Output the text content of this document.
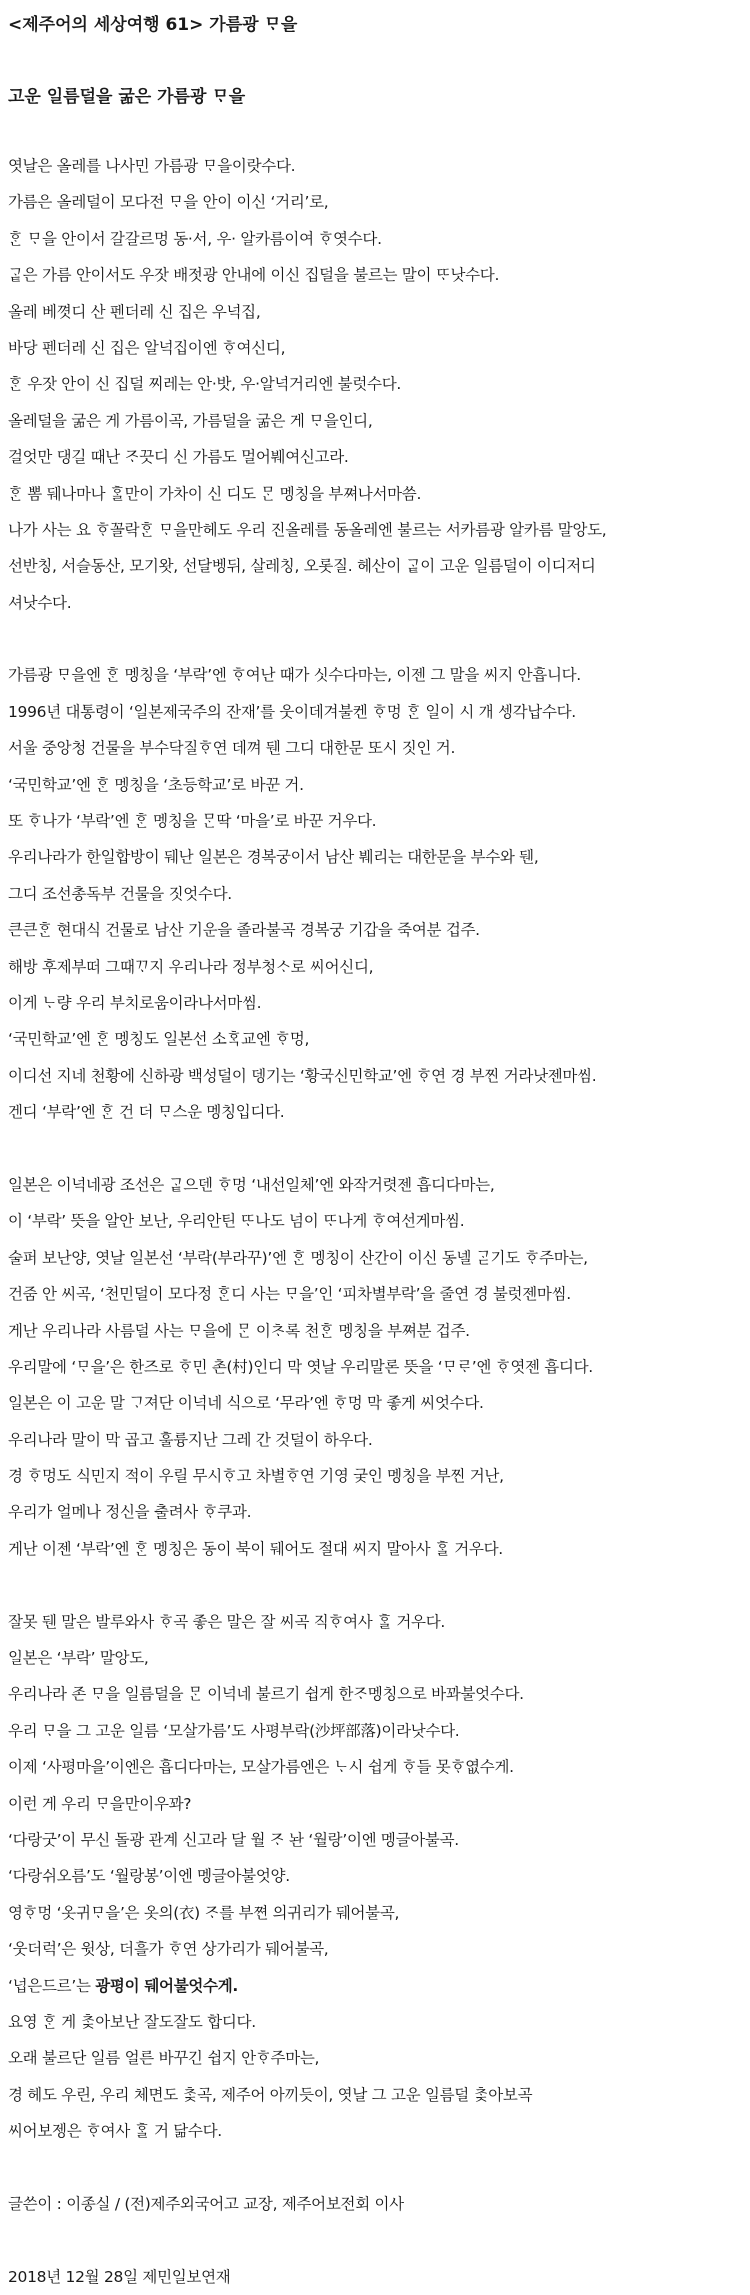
<제주어의 세상여행 61> 가름광 ᄆᆞ을
고운 일름덜을 굶은 가름광 ᄆᆞ을
엿날은 올레를 나사민 가름광 ᄆᆞ을이랏수다.
가름은 올레덜이 모다전 ᄆᆞ을 안이 이신 ‘거리’로,
ᄒᆞᆫ ᄆᆞ을 안이서 갈갈르멍 동·서, 우· 알카름이여 ᄒᆞ엿수다.
ᄀᆞᇀ은 가름 안이서도 우잣 배젓광 안내에 이신 집덜을 불르는 말이 ᄄᆞ낫수다.
올레 베꼇디 산 펜더레 신 집은 우넉집,
바당 펜더레 신 집은 알넉집이엔 ᄒᆞ여신디,
ᄒᆞᆫ 우잣 안이 신 집덜 찌레는 안·밧, 우·알넉거리엔 불럿수다.
올레덜을 굶은 게 가름이곡, 가름덜을 굶은 게 ᄆᆞ을인디,
걸엇만 댕길 때난 ᄌᆞ끗디 신 가름도 멀어붸여신고라.
ᄒᆞᆫ 뽐 뒈나마나 ᄒᆞᆯ만이 가차이 신 디도 ᄆᆞᆫ 멩칭을 부쪄나서마씀.
나가 사는 요 ᄒᆞ꼴락ᄒᆞᆫ ᄆᆞ을만헤도 우리 진올레를 동올레엔 불르는 서카름광 알카름 말앙도,
선반칭, 서슬동산, 모기왓, 선달벵뒤, 살레칭, 오롯질. 헤산이 ᄀᆞᇀ이 고운 일름덜이 이디저디
셔낫수다.
가름광 ᄆᆞ을엔 ᄒᆞᆫ 멩칭을 ‘부락’엔 ᄒᆞ여난 때가 싯수다마는, 이젠 그 말을 씨지 안흡니다.
1996년 대통령이 ‘일본제국주의 잔재’를 웃이데겨불켄 ᄒᆞ멍 ᄒᆞᆫ 일이 시 개 셍각납수다.
서울 중앙청 건물을 부수닥질ᄒᆞ연 데껴 뒌 그디 대한문 또시 짓인 거.
‘국민학교’엔 ᄒᆞᆫ 멩칭을 ‘초등학교’로 바꾼 거.
또 ᄒᆞ나가 ‘부락’엔 ᄒᆞᆫ 멩칭을 ᄆᆞᆫ딱 ‘마을’로 바꾼 거우다.
우리나라가 한일합방이 뒈난 일본은 경복궁이서 남산 붸리는 대한문을 부수와 뒌,
그디 조선총독부 건물을 짓엇수다.
큰큰ᄒᆞᆫ 현대식 건물로 남산 기운을 졸라불곡 경복궁 기갑을 죽여분 겁주.
해방 후제부떠 그때ᄁᆞ지 우리나라 정부청ᄉᆞ로 씨어신디,
이게 ᄂᆞ량 우리 부치로움이라나서마씸.
‘국민학교’엔 ᄒᆞᆫ 멩칭도 일본선 소ᄒᆞᆨ교엔 ᄒᆞ멍,
이디선 지네 천황에 신하광 백성덜이 뎅기는 ‘황국신민학교’엔 ᄒᆞ연 경 부찐 거라낫젠마씸.
겐디 ‘부락’엔 ᄒᆞᆫ 건 더 ᄆᆞ스운 멩칭입디다.
일본은 이넉네광 조선은 ᄀᆞᇀ으덴 ᄒᆞ멍 ‘내선일체’엔 와작거렷젠 흡디다마는,
이 ‘부락’ 뜻을 알안 보난, 우리안틴 ᄄᆞ나도 넘이 ᄄᆞ나게 ᄒᆞ여선게마씸.
술퍼 보난양, 엿날 일본선 ‘부락(부라꾸)’엔 ᄒᆞᆫ 멩칭이 산간이 이신 동넬 ᄀᆞᆮ기도 ᄒᆞ주마는,
건줌 안 씨곡, ‘천민덜이 모다정 ᄒᆞᆫ디 사는 ᄆᆞ을’인 ‘피차별부락’을 줄연 경 불럿젠마씸.
게난 우리나라 사름덜 사는 ᄆᆞ을에 ᄆᆞᆫ 이ᄎᆞ록 천ᄒᆞᆫ 멩칭을 부쪄분 겁주.
우리말에 ‘ᄆᆞ을’은 한즈로 ᄒᆞ민 촌(村)인디 막 엿날 우리말론 뜻을 ‘ᄆᆞᄅᆞ’엔 ᄒᆞ엿젠 흡디다.
일본은 이 고운 말 ᄀᆞ져단 이넉네 식으로 ‘무라’엔 ᄒᆞ멍 막 좋게 씨엇수다.
우리나라 말이 막 곱고 훌륭지난 그레 간 것덜이 하우다.
경 ᄒᆞ멍도 식민지 적이 우릴 무시ᄒᆞ고 차별ᄒᆞ연 기영 궂인 멩칭을 부찐 거난,
우리가 얼메나 정신을 출려사 ᄒᆞ쿠과.
게난 이젠 ‘부락’엔 ᄒᆞᆫ 멩칭은 동이 북이 뒈어도 절대 씨지 말아사 ᄒᆞᆯ 거우다.
잘못 뒌 말은 발루와사 ᄒᆞ곡 좋은 말은 잘 씨곡 직ᄒᆞ여사 ᄒᆞᆯ 거우다.
일본은 ‘부락’ 말앙도,
우리나라 존 ᄆᆞ을 일름덜을 ᄆᆞᆫ 이넉네 불르기 쉽게 한ᄌᆞ멩칭으로 바꽈불엇수다.
우리 ᄆᆞ을 그 고운 일름 ‘모살가름’도 사평부락(沙坪部落)이라낫수다.
이제 ‘사평마을’이엔은 흡디다마는, 모살가름엔은 ᄂᆞ시 쉽게 ᄒᆞ들 못ᄒᆞ엾수게.
이런 게 우리 ᄆᆞ을만이우꽈?
‘다랑굿’이 무신 돌광 관계 신고라 달 월 ᄌᆞ 놘 ‘월랑’이엔 멩글아불곡.
‘다랑쉬오름’도 ‘월랑봉’이엔 멩글아불엇양.
영ᄒᆞ멍 ‘옷귀ᄆᆞ을’은 옷의(衣) ᄌᆞ를 부쪈 의귀리가 뒈어불곡,
‘웃더럭’은 윗상, 더흘가 ᄒᆞ연 상가리가 뒈어불곡,
‘넙은드르’는 광평이 뒈어불엇수게.
요영 ᄒᆞᆫ 게 ᄎᆞᆽ아보난 잘도잘도 합디다.
오래 불르단 일름 얼른 바꾸긴 쉽지 안ᄒᆞ주마는,
경 헤도 우린, 우리 체면도 ᄎᆞᆽ곡, 제주어 아끼듯이, 엿날 그 고운 일름덜 ᄎᆞᆽ아보곡
씨어보젱은 ᄒᆞ여사 ᄒᆞᆯ 거 닮수다.
글쓴이 : 이종실 / (전)제주외국어고 교장, 제주어보전회 이사
2018년 12월 28일 제민일보연재
